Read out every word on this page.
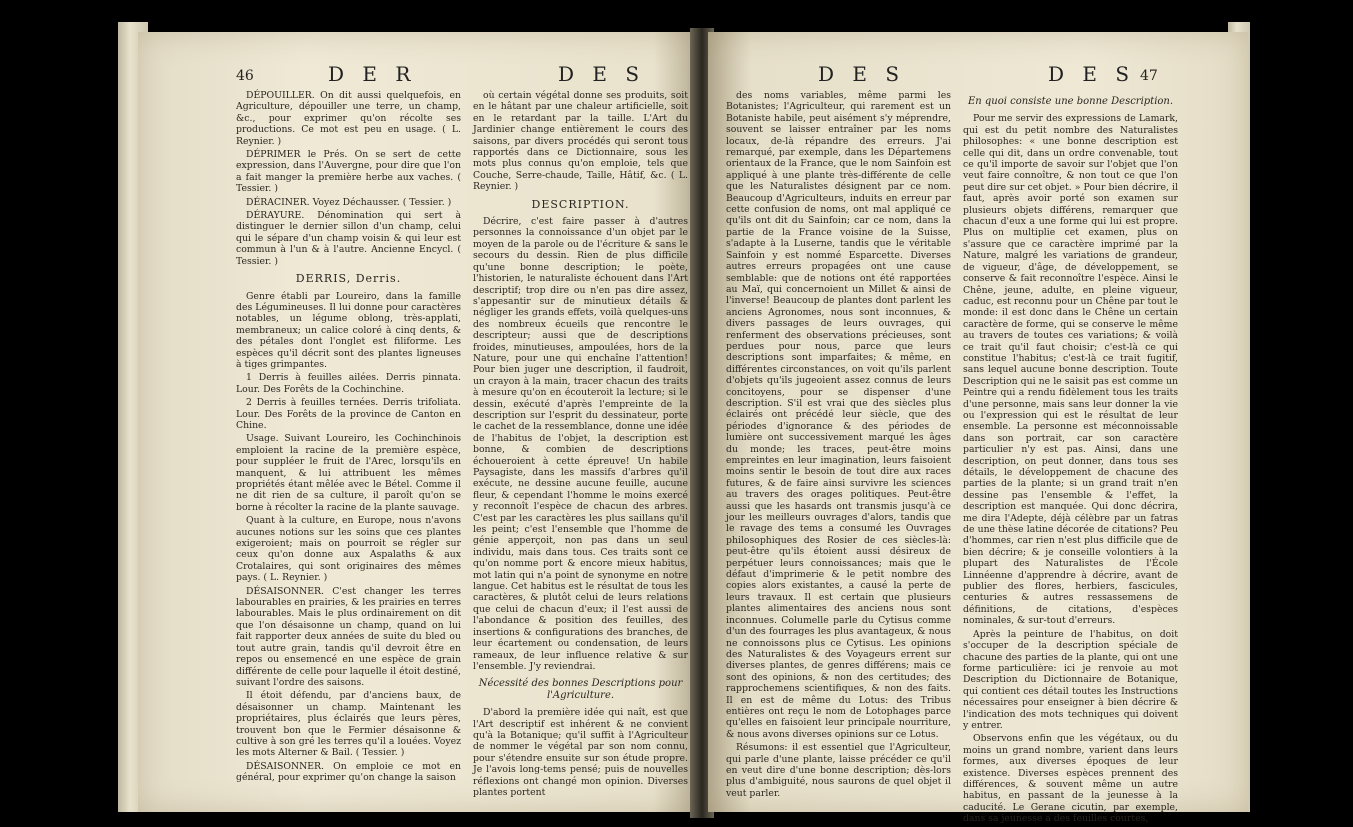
46	D E R	D E S

DÉPOUILLER. On dit aussi quelquefois, en Agriculture, dépouiller une terre, un champ, &c., pour exprimer qu'on récolte ses productions. Ce mot est peu en usage. ( L. Reynier. )

DÉPRIMER le Prés. On se sert de cette expression, dans l'Auvergne, pour dire que l'on a fait manger la première herbe aux vaches. ( Tessier. )

DÉRACINER. Voyez Déchausser. ( Tessier. )

DÉRAYURE. Dénomination qui sert à distinguer le dernier sillon d'un champ, celui qui le sépare d'un champ voisin & qui leur est commun à l'un & à l'autre. Ancienne Encycl. ( Tessier. )

DERRIS, Derris.

Genre établi par Loureiro, dans la famille des Légumineuses. Il lui donne pour caractères notables, un légume oblong, très-applati, membraneux; un calice coloré à cinq dents, & des pétales dont l'onglet est filiforme. Les espèces qu'il décrit sont des plantes ligneuses à tiges grimpantes.

1 Derris à feuilles ailées. Derris pinnata. Lour. Des Forêts de la Cochinchine.

2 Derris à feuilles ternées. Derris trifoliata. Lour. Des Forêts de la province de Canton en Chine.

Usage. Suivant Loureiro, les Cochinchinois emploient la racine de la première espèce, pour suppléer le fruit de l'Arec, lorsqu'ils en manquent, & lui attribuent les mêmes propriétés étant mêlée avec le Bétel. Comme il ne dit rien de sa culture, il paroît qu'on se borne à récolter la racine de la plante sauvage.

Quant à la culture, en Europe, nous n'avons aucunes notions sur les soins que ces plantes exigeroient; mais on pourroit se régler sur ceux qu'on donne aux Aspalaths & aux Crotalaires, qui sont originaires des mêmes pays. ( L. Reynier. )

DÉSAISONNER. C'est changer les terres labourables en prairies, & les prairies en terres labourables. Mais le plus ordinairement on dit que l'on désaisonne un champ, quand on lui fait rapporter deux années de suite du bled ou tout autre grain, tandis qu'il devroit être en repos ou ensemencé en une espèce de grain différente de celle pour laquelle il étoit destiné, suivant l'ordre des saisons.

Il étoit défendu, par d'anciens baux, de désaisonner un champ. Maintenant les propriétaires, plus éclairés que leurs pères, trouvent bon que le Fermier désaisonne & cultive à son gré les terres qu'il a louées. Voyez les mots Alterner & Bail. ( Tessier. )

DÉSAISONNER. On emploie ce mot en général, pour exprimer qu'on change la saison

où certain végétal donne ses produits, soit en le hâtant par une chaleur artificielle, soit en le retardant par la taille. L'Art du Jardinier change entièrement le cours des saisons, par divers procédés qui seront tous rapportés dans ce Dictionnaire, sous les mots plus connus qu'on emploie, tels que Couche, Serre-chaude, Taille, Hâtif, &c. ( L. Reynier. )

DESCRIPTION.

Décrire, c'est faire passer à d'autres personnes la connoissance d'un objet par le moyen de la parole ou de l'écriture & sans le secours du dessin. Rien de plus difficile qu'une bonne description; le poète, l'historien, le naturaliste échouent dans l'Art descriptif; trop dire ou n'en pas dire assez, s'appesantir sur de minutieux détails & négliger les grands effets, voilà quelques-uns des nombreux écueils que rencontre le descripteur; aussi que de descriptions froides, minutieuses, ampoulées, hors de la Nature, pour une qui enchaîne l'attention! Pour bien juger une description, il faudroit, un crayon à la main, tracer chacun des traits à mesure qu'on en écouteroit la lecture; si le dessin, exécuté d'après l'empreinte de la description sur l'esprit du dessinateur, porte le cachet de la ressemblance, donne une idée de l'habitus de l'objet, la description est bonne, & combien de descriptions échoueroient à cette épreuve! Un habile Paysagiste, dans les massifs d'arbres qu'il exécute, ne dessine aucune feuille, aucune fleur, & cependant l'homme le moins exercé y reconnoît l'espèce de chacun des arbres. C'est par les caractères les plus saillans qu'il les peint; c'est l'ensemble que l'homme de génie apperçoit, non pas dans un seul individu, mais dans tous. Ces traits sont ce qu'on nomme port & encore mieux habitus, mot latin qui n'a point de synonyme en notre langue. Cet habitus est le résultat de tous les caractères, & plutôt celui de leurs relations que celui de chacun d'eux; il l'est aussi de l'abondance & position des feuilles, des insertions & configurations des branches, de leur écartement ou condensation, de leurs rameaux, de leur influence relative & sur l'ensemble. J'y reviendrai.

Nécessité des bonnes Descriptions pour l'Agriculture.

D'abord la première idée qui naît, est que l'Art descriptif est inhérent & ne convient qu'à la Botanique; qu'il suffit à l'Agriculteur de nommer le végétal par son nom connu, pour s'étendre ensuite sur son étude propre. Je l'avois long-tems pensé; puis de nouvelles réflexions ont changé mon opinion. Diverses plantes portent

D E S	D E S 47

des noms variables, même parmi les Botanistes; l'Agriculteur, qui rarement est un Botaniste habile, peut aisément s'y méprendre, souvent se laisser entraîner par les noms locaux, de-là répandre des erreurs. J'ai remarqué, par exemple, dans les Départemens orientaux de la France, que le nom Sainfoin est appliqué à une plante très-différente de celle que les Naturalistes désignent par ce nom. Beaucoup d'Agriculteurs, induits en erreur par cette confusion de noms, ont mal appliqué ce qu'ils ont dit du Sainfoin; car ce nom, dans la partie de la France voisine de la Suisse, s'adapte à la Luserne, tandis que le véritable Sainfoin y est nommé Esparcette. Diverses autres erreurs propagées ont une cause semblable: que de notions ont été rapportées au Maï, qui concernoient un Millet & ainsi de l'inverse! Beaucoup de plantes dont parlent les anciens Agronomes, nous sont inconnues, & divers passages de leurs ouvrages, qui renferment des observations précieuses, sont perdues pour nous, parce que leurs descriptions sont imparfaites; & même, en différentes circonstances, on voit qu'ils parlent d'objets qu'ils jugeoient assez connus de leurs concitoyens, pour se dispenser d'une description. S'il est vrai que des siècles plus éclairés ont précédé leur siècle, que des périodes d'ignorance & des périodes de lumière ont successivement marqué les âges du monde; les traces, peut-être moins empreintes en leur imagination, leurs faisoient moins sentir le besoin de tout dire aux races futures, & de faire ainsi survivre les sciences au travers des orages politiques. Peut-être aussi que les hasards ont transmis jusqu'à ce jour les meilleurs ouvrages d'alors, tandis que le ravage des tems a consumé les Ouvrages philosophiques des Rosier de ces siècles-là: peut-être qu'ils étoient aussi désireux de perpétuer leurs connoissances; mais que le défaut d'imprimerie & le petit nombre des copies alors existantes, a causé la perte de leurs travaux. Il est certain que plusieurs plantes alimentaires des anciens nous sont inconnues. Columelle parle du Cytisus comme d'un des fourrages les plus avantageux, & nous ne connoissons plus ce Cytisus. Les opinions des Naturalistes & des Voyageurs errent sur diverses plantes, de genres différens; mais ce sont des opinions, & non des certitudes; des rapprochemens scientifiques, & non des faits. Il en est de même du Lotus: des Tribus entières ont reçu le nom de Lotophages parce qu'elles en faisoient leur principale nourriture, & nous avons diverses opinions sur ce Lotus.

Résumons: il est essentiel que l'Agriculteur, qui parle d'une plante, laisse précéder ce qu'il en veut dire d'une bonne description; dès-lors plus d'ambiguité, nous saurons de quel objet il veut parler.

En quoi consiste une bonne Description.

Pour me servir des expressions de Lamark, qui est du petit nombre des Naturalistes philosophes: « une bonne description est celle qui dit, dans un ordre convenable, tout ce qu'il importe de savoir sur l'objet que l'on veut faire connoître, & non tout ce que l'on peut dire sur cet objet. » Pour bien décrire, il faut, après avoir porté son examen sur plusieurs objets différens, remarquer que chacun d'eux a une forme qui lui est propre. Plus on multiplie cet examen, plus on s'assure que ce caractère imprimé par la Nature, malgré les variations de grandeur, de vigueur, d'âge, de développement, se conserve & fait reconnoître l'espèce. Ainsi le Chêne, jeune, adulte, en pleine vigueur, caduc, est reconnu pour un Chêne par tout le monde: il est donc dans le Chêne un certain caractère de forme, qui se conserve le même au travers de toutes ces variations; & voilà ce trait qu'il faut choisir; c'est-là ce qui constitue l'habitus; c'est-là ce trait fugitif, sans lequel aucune bonne description. Toute Description qui ne le saisit pas est comme un Peintre qui a rendu fidèlement tous les traits d'une personne, mais sans leur donner la vie ou l'expression qui est le résultat de leur ensemble. La personne est méconnoissable dans son portrait, car son caractère particulier n'y est pas. Ainsi, dans une description, on peut donner, dans tous ses détails, le développement de chacune des parties de la plante; si un grand trait n'en dessine pas l'ensemble & l'effet, la description est manquée. Qui donc décrira, me dira l'Adepte, déjà célèbre par un fatras de une thèse latine décorée de citations? Peu d'hommes, car rien n'est plus difficile que de bien décrire; & je conseille volontiers à la plupart des Naturalistes de l'École Linnéenne d'apprendre à décrire, avant de publier des flores, herbiers, fascicules, centuries & autres ressassemens de définitions, de citations, d'espèces nominales, & sur-tout d'erreurs.

Après la peinture de l'habitus, on doit s'occuper de la description spéciale de chacune des parties de la plante, qui ont une forme particulière: ici je renvoie au mot Description du Dictionnaire de Botanique, qui contient ces détail toutes les Instructions nécessaires pour enseigner à bien décrire & l'indication des mots techniques qui doivent y entrer.

Observons enfin que les végétaux, ou du moins un grand nombre, varient dans leurs formes, aux diverses époques de leur existence. Diverses espèces prennent des différences, & souvent même un autre habitus, en passant de la jeunesse à la caducité. Le Gerane cicutin, par exemple, dans sa jeunesse a des feuilles courtes,
